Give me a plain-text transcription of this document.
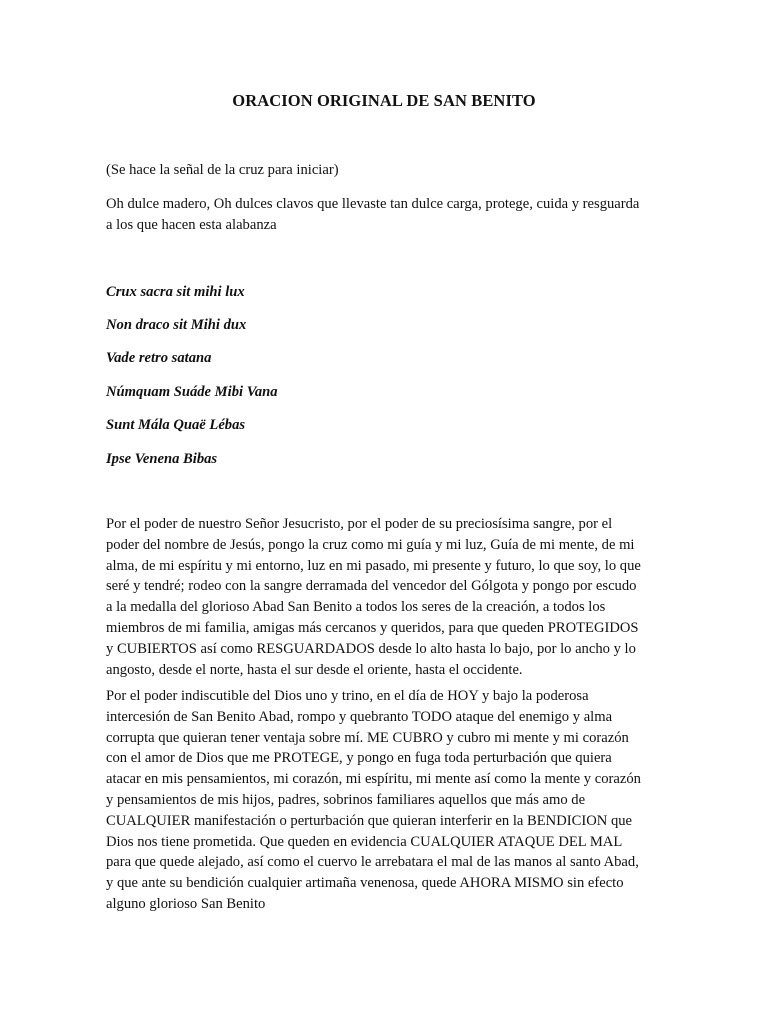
ORACION ORIGINAL DE SAN BENITO
(Se hace la señal de la cruz para iniciar)
Oh dulce madero, Oh dulces clavos que llevaste tan dulce carga, protege, cuida y resguarda
a los que hacen esta alabanza
Crux sacra sit mihi lux
Non draco sit Mihi dux
Vade retro satana
Númquam Suáde Mibi Vana
Sunt Mála Quaë Lébas
Ipse Venena Bibas
Por el poder de nuestro Señor Jesucristo, por el poder de su preciosísima sangre, por el
poder del nombre de Jesús, pongo la cruz como mi guía y mi luz, Guía de mi mente, de mi
alma, de mi espíritu y mi entorno, luz en mi pasado, mi presente y futuro, lo que soy, lo que
seré y tendré; rodeo con la sangre derramada del vencedor del Gólgota y pongo por escudo
a la medalla del glorioso Abad San Benito a todos los seres de la creación, a todos los
miembros de mi familia, amigas más cercanos y queridos, para que queden PROTEGIDOS
y CUBIERTOS así como RESGUARDADOS desde lo alto hasta lo bajo, por lo ancho y lo
angosto, desde el norte, hasta el sur desde el oriente, hasta el occidente.
Por el poder indiscutible del Dios uno y trino, en el día de HOY y bajo la poderosa
intercesión de San Benito Abad, rompo y quebranto TODO ataque del enemigo y alma
corrupta que quieran tener ventaja sobre mí. ME CUBRO y cubro mi mente y mi corazón
con el amor de Dios que me PROTEGE, y pongo en fuga toda perturbación que quiera
atacar en mis pensamientos, mi corazón, mi espíritu, mi mente así como la mente y corazón
y pensamientos de mis hijos, padres, sobrinos familiares aquellos que más amo de
CUALQUIER manifestación o perturbación que quieran interferir en la BENDICION que
Dios nos tiene prometida. Que queden en evidencia CUALQUIER ATAQUE DEL MAL
para que quede alejado, así como el cuervo le arrebatara el mal de las manos al santo Abad,
y que ante su bendición cualquier artimaña venenosa, quede AHORA MISMO sin efecto
alguno glorioso San Benito
